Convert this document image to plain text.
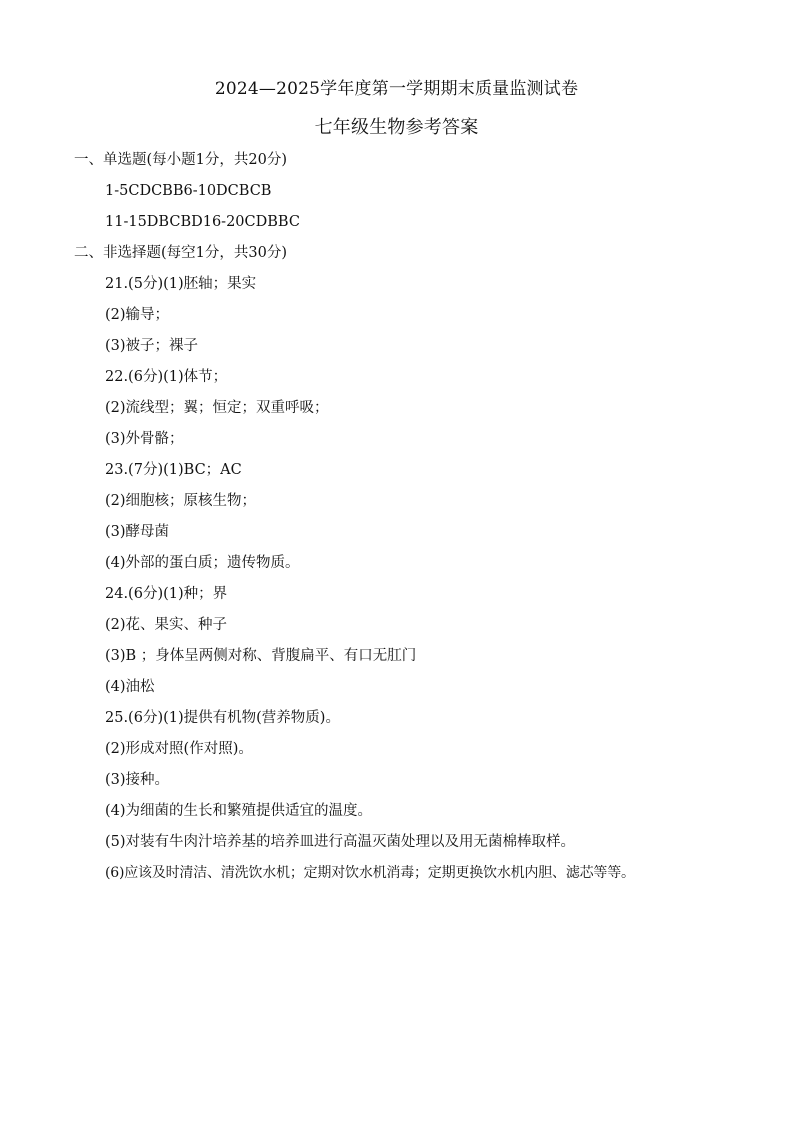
2024—2025学年度第一学期期末质量监测试卷
七年级生物参考答案
一、单选题(每小题1分，共20分)
1-5CDCBB6-10DCBCB
11-15DBCBD16-20CDBBC
二、非选择题(每空1分，共30分)
21.(5分)(1)胚轴；果实
(2)输导；
(3)被子；裸子
22.(6分)(1)体节；
(2)流线型；翼；恒定；双重呼吸；
(3)外骨骼；
23.(7分)(1)BC；AC
(2)细胞核；原核生物；
(3)酵母菌
(4)外部的蛋白质；遗传物质。
24.(6分)(1)种；界
(2)花、果实、种子
(3)B ；身体呈两侧对称、背腹扁平、有口无肛门
(4)油松
25.(6分)(1)提供有机物(营养物质)。
(2)形成对照(作对照)。
(3)接种。
(4)为细菌的生长和繁殖提供适宜的温度。
(5)对装有牛肉汁培养基的培养皿进行高温灭菌处理以及用无菌棉棒取样。
(6)应该及时清洁、清洗饮水机；定期对饮水机消毒；定期更换饮水机内胆、滤芯等等。
